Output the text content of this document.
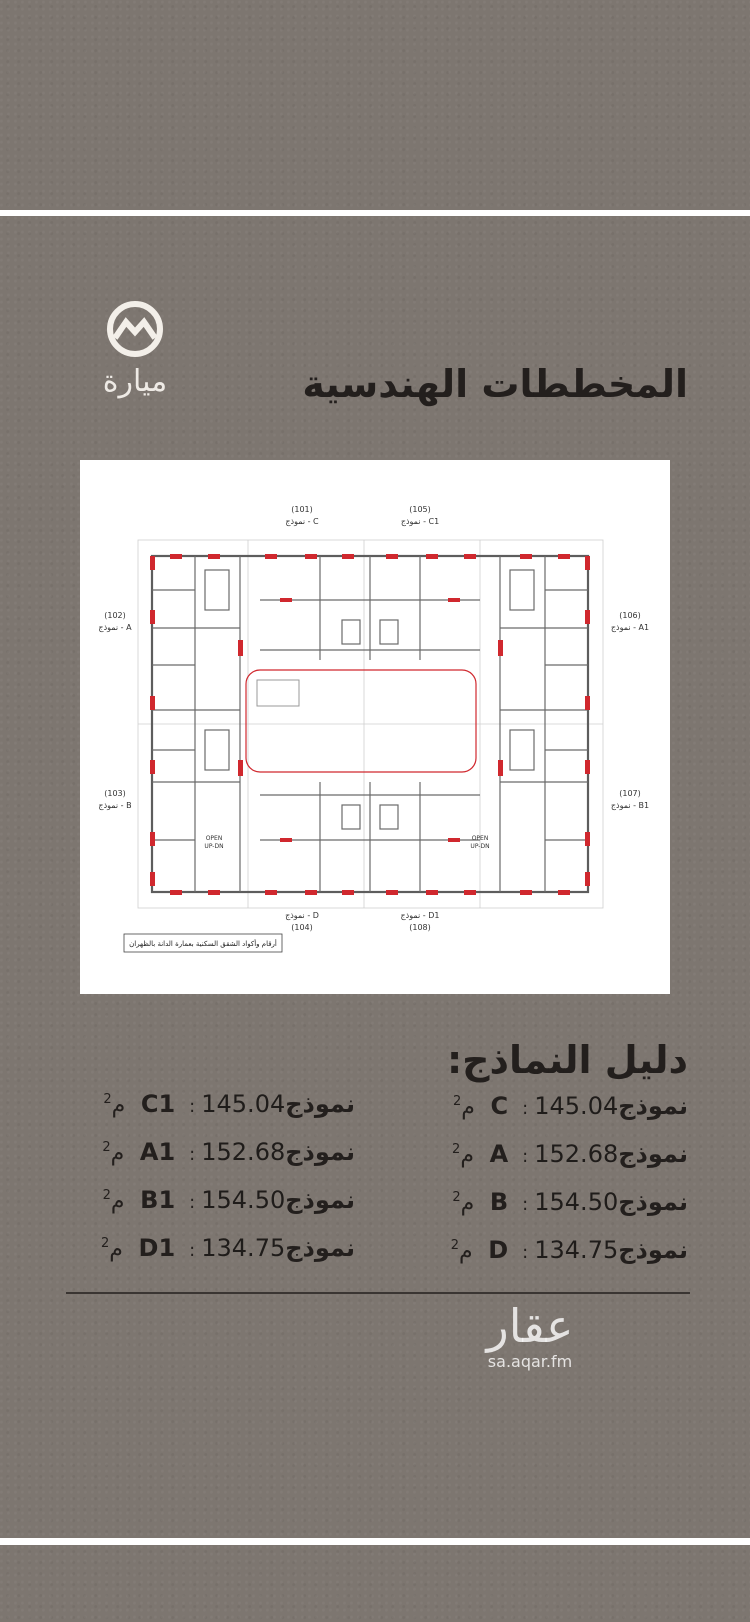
ميارة	المخططات الهندسية
(101)
نموذج - C
(105)
نموذج - C1
(102)
نموذج - A
(103)
نموذج - B
(106)
نموذج - A1
(107)
نموذج - B1
نموذج - D
(104)
نموذج - D1
(108)
OPEN
UP-DN
OPEN
UP-DN
أرقام وأكواد الشقق السكنية بعمارة الدانة بالظهران
دليل النماذج:
نموذجC : 145.04 م$^2$
نموذجA : 152.68 م$^2$
نموذجB : 154.50 م$^2$
نموذجD : 134.75 م$^2$
نموذجC1 : 145.04 م$^2$
نموذجA1 : 152.68 م$^2$
نموذجB1 : 154.50 م$^2$
نموذجD1 : 134.75 م$^2$
عقار
sa.aqar.fm
